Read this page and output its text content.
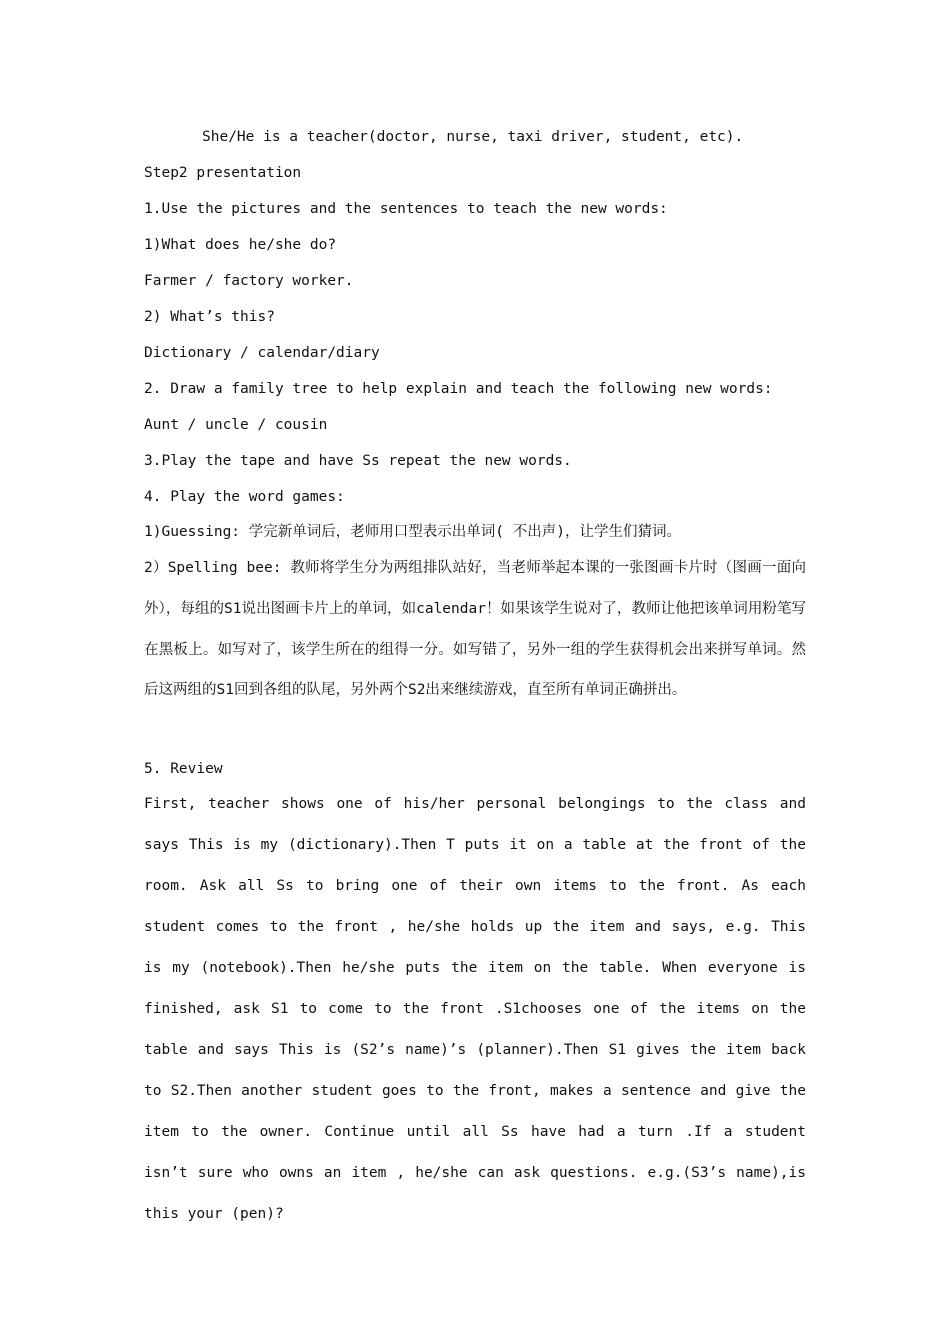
She/He is a teacher(doctor, nurse, taxi driver, student, etc).
Step2 presentation
1.Use the pictures and the sentences to teach the new words:
1)What does he/she do?
Farmer / factory worker.
2) What’s this?
Dictionary / calendar/diary
2. Draw a family tree to help explain and teach the following new words:
Aunt / uncle / cousin
3.Play the tape and have Ss repeat the new words.
4. Play the word games:
1)Guessing: 学完新单词后，老师用口型表示出单词( 不出声)，让学生们猜词。
2）Spelling bee: 教师将学生分为两组排队站好，当老师举起本课的一张图画卡片时（图画一面向外），每组的S1说出图画卡片上的单词，如calendar！如果该学生说对了，教师让他把该单词用粉笔写在黑板上。如写对了，该学生所在的组得一分。如写错了，另外一组的学生获得机会出来拼写单词。然后这两组的S1回到各组的队尾，另外两个S2出来继续游戏，直至所有单词正确拼出。
5. Review
First, teacher shows one of his/her personal belongings to the class and says This is my (dictionary).Then T puts it on a table at the front of the room. Ask all Ss to bring one of their own items to the front. As each student comes to the front , he/she holds up the item and says, e.g. This is my (notebook).Then he/she puts the item on the table. When everyone is finished, ask S1 to come to the front .S1chooses one of the items on the table and says This is (S2’s name)’s (planner).Then S1 gives the item back to S2.Then another student goes to the front, makes a sentence and give the item to the owner. Continue until all Ss have had a turn .If a student isn’t sure who owns an item , he/she can ask questions. e.g.(S3’s name),is this your (pen)?
